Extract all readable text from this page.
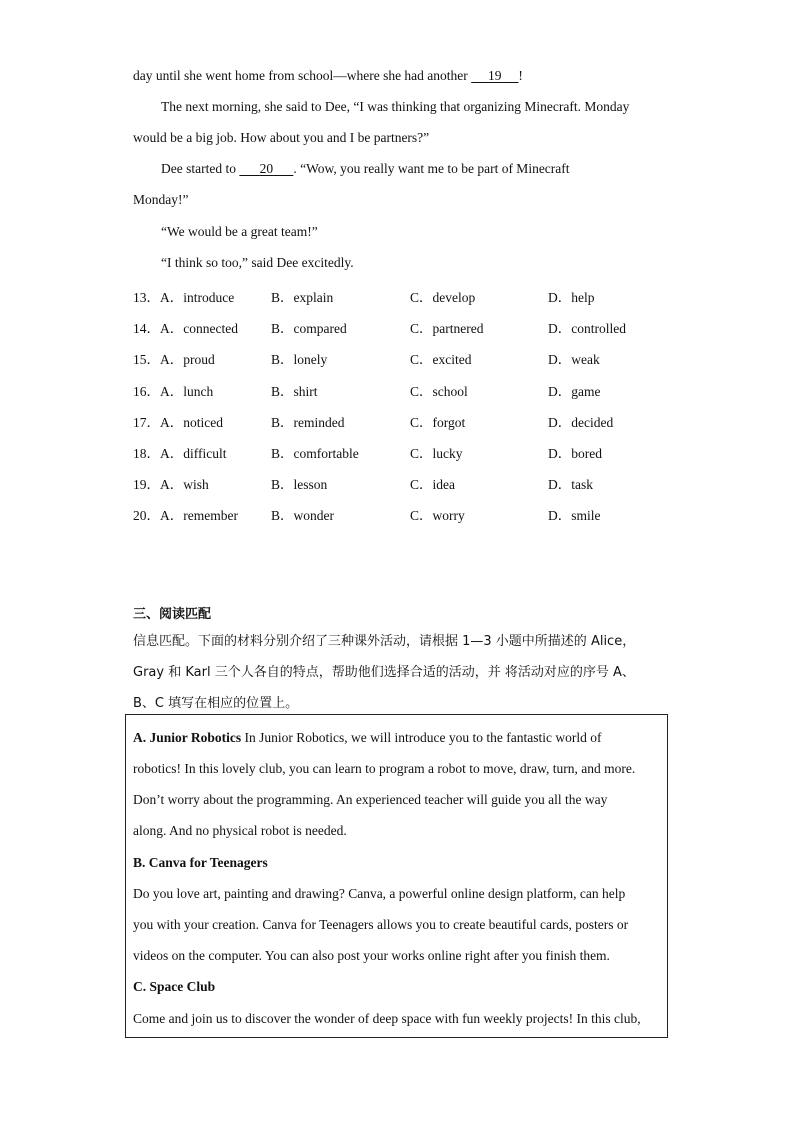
day until she went home from school—where she had another      19 !
The next morning, she said to Dee, “I was thinking that organizing Minecraft. Monday
would be a big job. How about you and I be partners?”
Dee started to       20 . “Wow, you really want me to be part of Minecraft
Monday!”
“We would be a great team!”
“I think so too,” said Dee excitedly.
13． A．introduce	B．explain	C．develop	D．help
14． A．connected B．compared	C．partnered	D．controlled
15． A．proud	B．lonely	C．excited	D．weak
16． A．lunch	B．shirt	C．school	D．game
17． A．noticed	B．reminded	C．forgot	D．decided
18． A．difficult	B．comfortable	C．lucky	D．bored
19． A．wish	B．lesson	C．idea	D．task
20． A．remember B．wonder	C．worry	D．smile
三、阅读匹配
信息匹配。下面的材料分别介绍了三种课外活动，请根据 1—3 小题中所描述的 Alice，
Gray 和 Karl 三个人各自的特点，帮助他们选择合适的活动，并 将活动对应的序号 A、
B、C 填写在相应的位置上。
A. Junior Robotics In Junior Robotics, we will introduce you to the fantastic world of
robotics! In this lovely club, you can learn to program a robot to move, draw, turn, and more.
Don’t worry about the programming. An experienced teacher will guide you all the way
along. And no physical robot is needed.
B. Canva for Teenagers
Do you love art, painting and drawing? Canva, a powerful online design platform, can help
you with your creation. Canva for Teenagers allows you to create beautiful cards, posters or
videos on the computer. You can also post your works online right after you finish them.
C. Space Club
Come and join us to discover the wonder of deep space with fun weekly projects! In this club,
